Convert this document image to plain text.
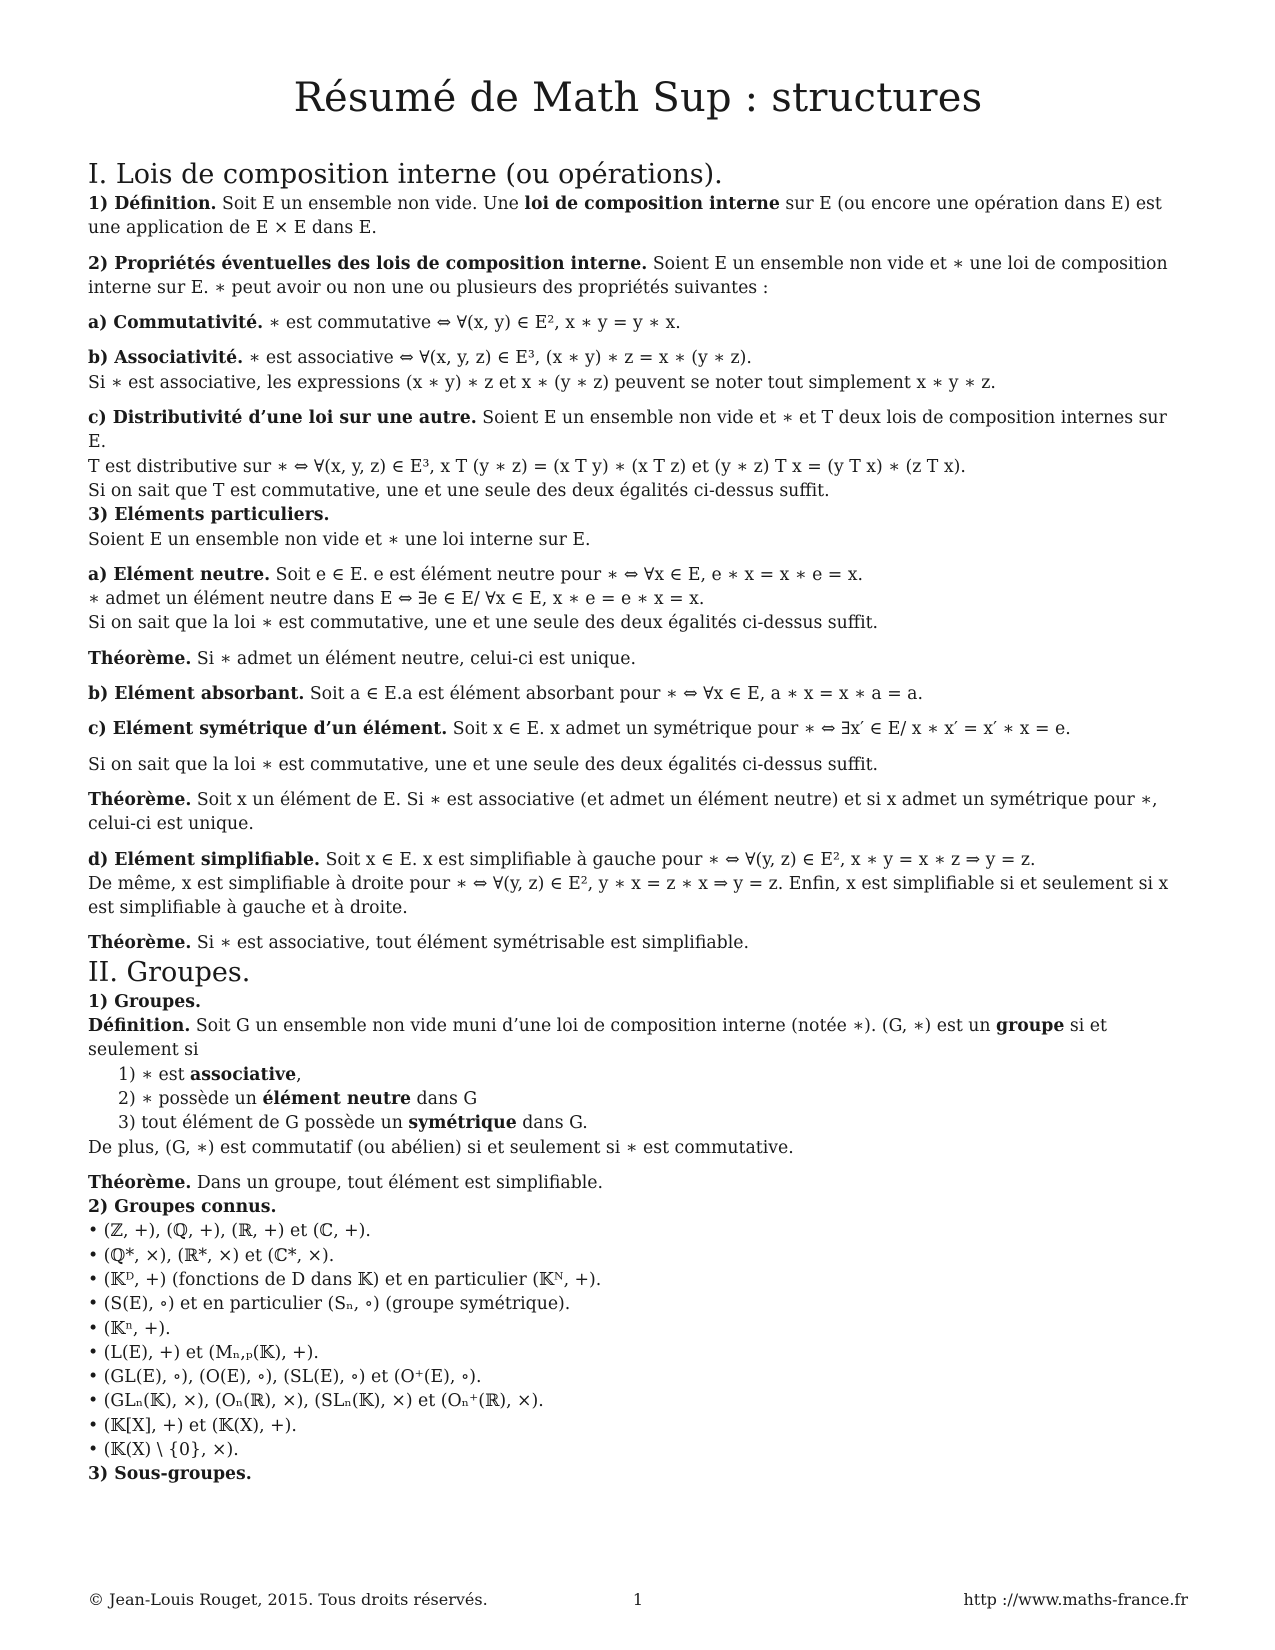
Résumé de Math Sup : structures
I. Lois de composition interne (ou opérations).

1) Définition. Soit E un ensemble non vide. Une loi de composition interne sur E (ou encore une opération dans E) est une application de E × E dans E.

2) Propriétés éventuelles des lois de composition interne. Soient E un ensemble non vide et ∗ une loi de composition interne sur E. ∗ peut avoir ou non une ou plusieurs des propriétés suivantes :

a) Commutativité. ∗ est commutative ⇔ ∀(x, y) ∈ E², x ∗ y = y ∗ x.

b) Associativité. ∗ est associative ⇔ ∀(x, y, z) ∈ E³, (x ∗ y) ∗ z = x ∗ (y ∗ z).

Si ∗ est associative, les expressions (x ∗ y) ∗ z et x ∗ (y ∗ z) peuvent se noter tout simplement x ∗ y ∗ z.

c) Distributivité d’une loi sur une autre. Soient E un ensemble non vide et ∗ et T deux lois de composition internes sur E.

T est distributive sur ∗ ⇔ ∀(x, y, z) ∈ E³, x T (y ∗ z) = (x T y) ∗ (x T z) et (y ∗ z) T x = (y T x) ∗ (z T x).

Si on sait que T est commutative, une et une seule des deux égalités ci-dessus suffit.

3) Eléments particuliers.

Soient E un ensemble non vide et ∗ une loi interne sur E.

a) Elément neutre. Soit e ∈ E. e est élément neutre pour ∗ ⇔ ∀x ∈ E, e ∗ x = x ∗ e = x.

∗ admet un élément neutre dans E ⇔ ∃e ∈ E/ ∀x ∈ E, x ∗ e = e ∗ x = x.

Si on sait que la loi ∗ est commutative, une et une seule des deux égalités ci-dessus suffit.

Théorème. Si ∗ admet un élément neutre, celui-ci est unique.

b) Elément absorbant. Soit a ∈ E.a est élément absorbant pour ∗ ⇔ ∀x ∈ E, a ∗ x = x ∗ a = a.

c) Elément symétrique d’un élément. Soit x ∈ E. x admet un symétrique pour ∗ ⇔ ∃x′ ∈ E/ x ∗ x′ = x′ ∗ x = e.

Si on sait que la loi ∗ est commutative, une et une seule des deux égalités ci-dessus suffit.

Théorème. Soit x un élément de E. Si ∗ est associative (et admet un élément neutre) et si x admet un symétrique pour ∗, celui-ci est unique.

d) Elément simplifiable. Soit x ∈ E. x est simplifiable à gauche pour ∗ ⇔ ∀(y, z) ∈ E², x ∗ y = x ∗ z ⇒ y = z.

De même, x est simplifiable à droite pour ∗ ⇔ ∀(y, z) ∈ E², y ∗ x = z ∗ x ⇒ y = z. Enfin, x est simplifiable si et seulement si x est simplifiable à gauche et à droite.

Théorème. Si ∗ est associative, tout élément symétrisable est simplifiable.

II. Groupes.

1) Groupes.

Définition. Soit G un ensemble non vide muni d’une loi de composition interne (notée ∗). (G, ∗) est un groupe si et seulement si

1) ∗ est associative,

2) ∗ possède un élément neutre dans G

3) tout élément de G possède un symétrique dans G.

De plus, (G, ∗) est commutatif (ou abélien) si et seulement si ∗ est commutative.

Théorème. Dans un groupe, tout élément est simplifiable.

2) Groupes connus.

• (ℤ, +), (ℚ, +), (ℝ, +) et (ℂ, +).

• (ℚ*, ×), (ℝ*, ×) et (ℂ*, ×).

• (𝕂ᴰ, +) (fonctions de D dans 𝕂) et en particulier (𝕂ᴺ, +).

• (S(E), ∘) et en particulier (Sₙ, ∘) (groupe symétrique).

• (𝕂ⁿ, +).

• (L(E), +) et (Mₙ,ₚ(𝕂), +).

• (GL(E), ∘), (O(E), ∘), (SL(E), ∘) et (O⁺(E), ∘).

• (GLₙ(𝕂), ×), (Oₙ(ℝ), ×), (SLₙ(𝕂), ×) et (Oₙ⁺(ℝ), ×).

• (𝕂[X], +) et (𝕂(X), +).

• (𝕂(X) \ {0}, ×).

3) Sous-groupes.

© Jean-Louis Rouget, 2015. Tous droits réservés.	1	http ://www.maths-france.fr
